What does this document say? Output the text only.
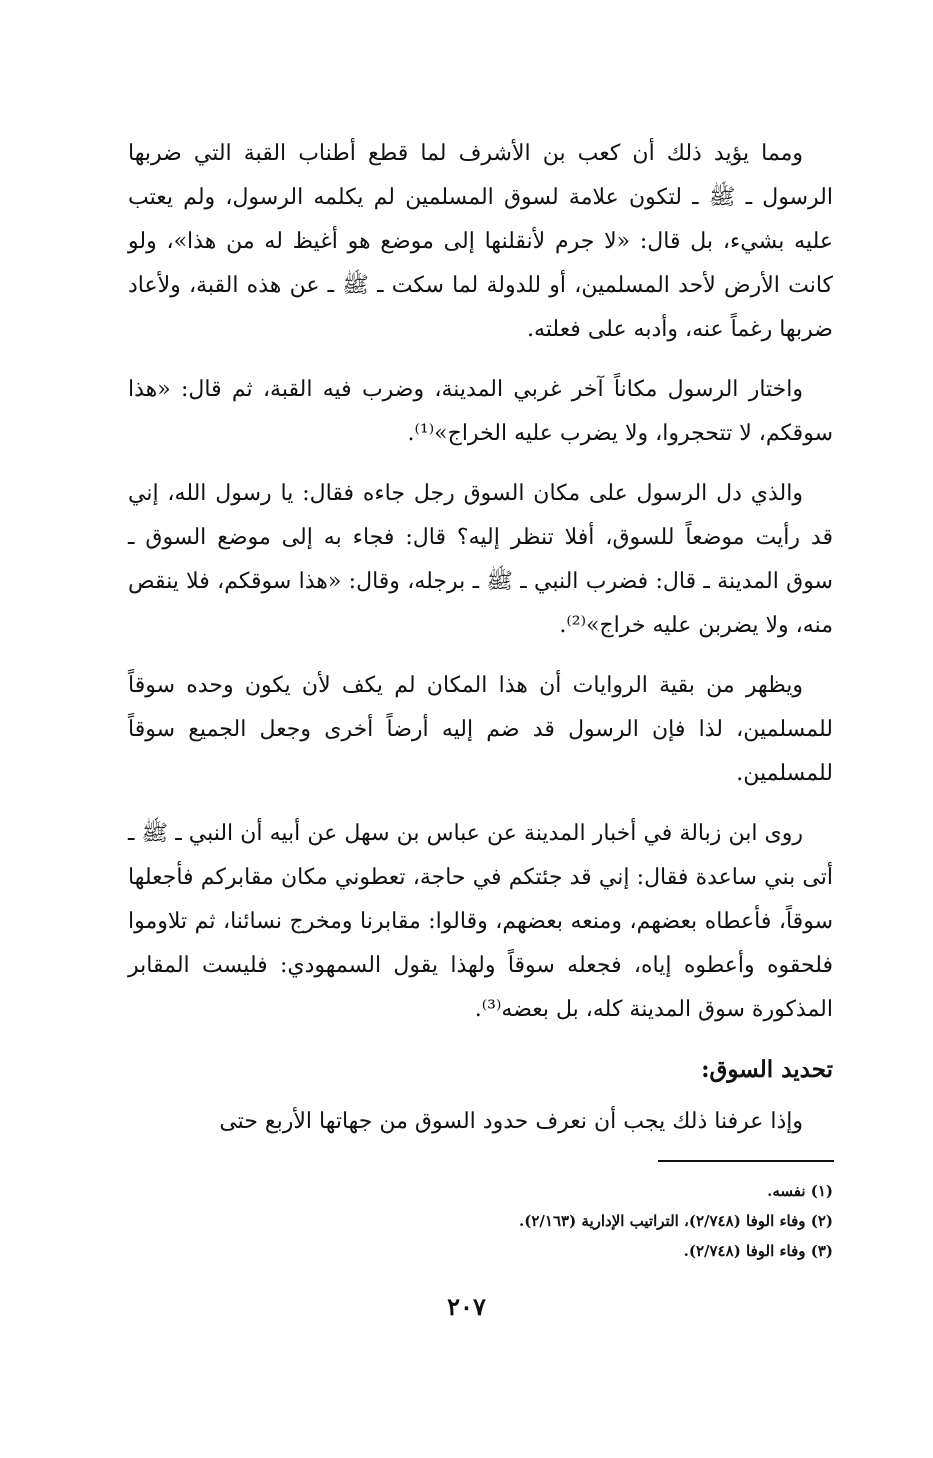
ومما يؤيد ذلك أن كعب بن الأشرف لما قطع أطناب القبة التي ضربها الرسول ـ ﷺ ـ لتكون علامة لسوق المسلمين لم يكلمه الرسول، ولم يعتب عليه بشيء، بل قال: «لا جرم لأنقلنها إلى موضع هو أغيظ له من هذا»، ولو كانت الأرض لأحد المسلمين، أو للدولة لما سكت ـ ﷺ ـ عن هذه القبة، ولأعاد ضربها رغماً عنه، وأدبه على فعلته.

واختار الرسول مكاناً آخر غربي المدينة، وضرب فيه القبة، ثم قال: «هذا سوقكم، لا تتحجروا، ولا يضرب عليه الخراج»⁽¹⁾.

والذي دل الرسول على مكان السوق رجل جاءه فقال: يا رسول الله، إني قد رأيت موضعاً للسوق، أفلا تنظر إليه؟ قال: فجاء به إلى موضع السوق ـ سوق المدينة ـ قال: فضرب النبي ـ ﷺ ـ برجله، وقال: «هذا سوقكم، فلا ينقص منه، ولا يضربن عليه خراج»⁽²⁾.

ويظهر من بقية الروايات أن هذا المكان لم يكف لأن يكون وحده سوقاً للمسلمين، لذا فإن الرسول قد ضم إليه أرضاً أخرى وجعل الجميع سوقاً للمسلمين.

روى ابن زبالة في أخبار المدينة عن عباس بن سهل عن أبيه أن النبي ـ ﷺ ـ أتى بني ساعدة فقال: إني قد جئتكم في حاجة، تعطوني مكان مقابركم فأجعلها سوقاً، فأعطاه بعضهم، ومنعه بعضهم، وقالوا: مقابرنا ومخرج نسائنا، ثم تلاوموا فلحقوه وأعطوه إياه، فجعله سوقاً ولهذا يقول السمهودي: فليست المقابر المذكورة سوق المدينة كله، بل بعضه⁽³⁾.

تحديد السوق:

وإذا عرفنا ذلك يجب أن نعرف حدود السوق من جهاتها الأربع حتى

(١) نفسه.
(٢) وفاء الوفا (٢/٧٤٨)، التراتيب الإدارية (٢/١٦٣).
(٣) وفاء الوفا (٢/٧٤٨).
٢٠٧
